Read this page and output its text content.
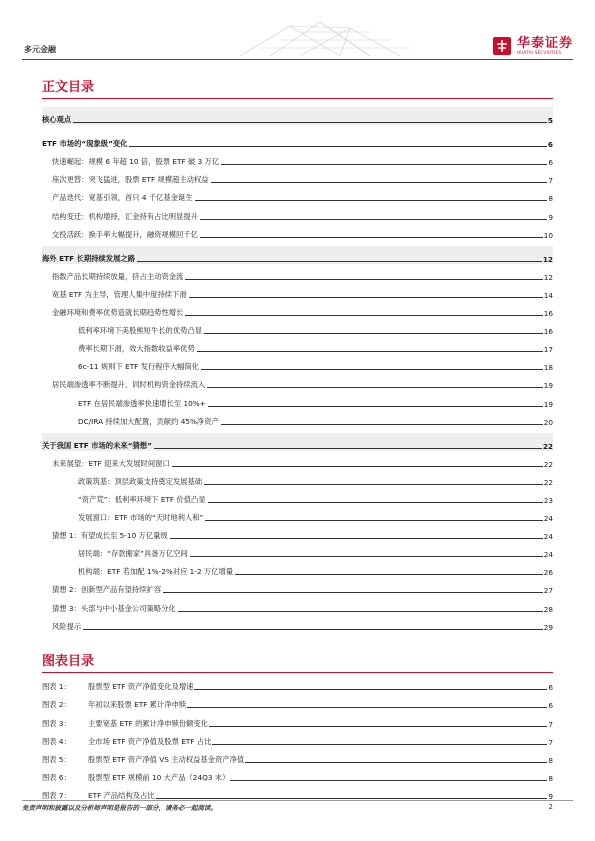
多元金融	华泰证券
HUATAI SECURITIES
正文目录
核心观点	5
ETF 市场的“现象级”变化	6
快速崛起：规模 6 年超 10 倍，股票 ETF 破 3 万亿	6
座次更替：突飞猛进，股票 ETF 规模超主动权益	7
产品迭代：宽基引领，首只 4 千亿基金诞生	8
结构变迁：机构增持，汇金持有占比明显提升	9
交投活跃：换手率大幅提升，融资规模回千亿	10
海外 ETF 长期持续发展之路	12
指数产品长期持续放量，挤占主动资金流	12
宽基 ETF 为主导，管理人集中度持续下滑	14
金融环境和费率优势造就长期趋势性增长	16
低利率环境下美股熊短牛长的优势凸显	16
费率长期下滑，效大指数收益率优势	17
6c-11 规则下 ETF 发行程序大幅简化	18
居民端渗透率不断提升，同时机构资金持续流入	19
ETF 在居民端渗透率快速增长至 10%+	19
DC/IRA 持续加大配置，贡献约 45%净资产	20
关于我国 ETF 市场的未来“猜想”	22
未来展望：ETF 迎来大发展时间窗口	22
政策筑基：顶层政策支持奠定发展基础	22
“资产荒”：低利率环境下 ETF 价值凸显	23
发展窗口：ETF 市场的“天时地利人和”	24
猜想 1：有望成长至 5-10 万亿量级	24
居民端：“存款搬家”具备万亿空间	24
机构端：ETF 若加配 1%-2%对应 1-2 万亿增量	26
猜想 2：创新型产品有望持续扩容	27
猜想 3：头部与中小基金公司策略分化	28
风险提示	29
图表目录
图表 1：	股票型 ETF 资产净值变化及增速	6
图表 2：	年初以来股票 ETF 累计净申赎	6
图表 3：	主要宽基 ETF 的累计净申赎份额变化	7
图表 4：	全市场 ETF 资产净值及股票 ETF 占比	7
图表 5：	股票型 ETF 资产净值 VS 主动权益基金资产净值	8
图表 6：	股票型 ETF 规模前 10 大产品（24Q3 末）	8
图表 7：	ETF 产品结构及占比	9
免责声明和披露以及分析师声明是报告的一部分，请务必一起阅读。	2
